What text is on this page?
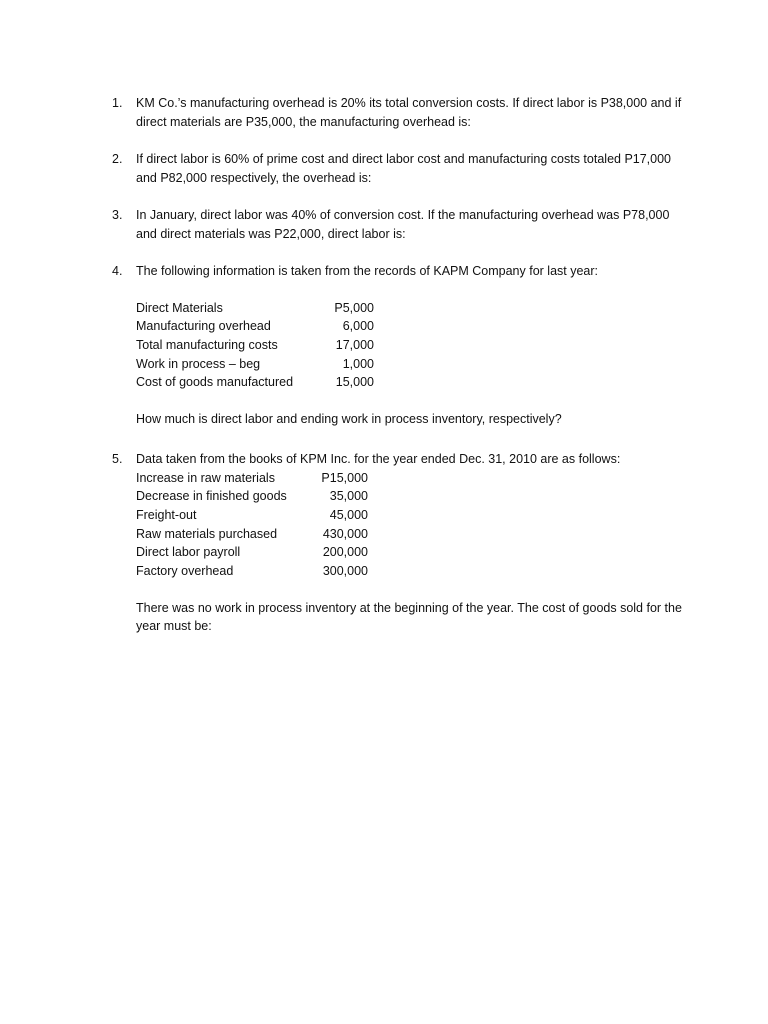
1.	KM Co.’s manufacturing overhead is 20% its total conversion costs. If direct labor is P38,000 and if direct materials are P35,000, the manufacturing overhead is:
2.	If direct labor is 60% of prime cost and direct labor cost and manufacturing costs totaled P17,000 and P82,000 respectively, the overhead is:
3.	In January, direct labor was 40% of conversion cost. If the manufacturing overhead was P78,000 and direct materials was P22,000, direct labor is:
4.	The following information is taken from the records of KAPM Company for last year:
Direct Materials	P5,000
Manufacturing overhead	6,000
Total manufacturing costs	17,000
Work in process – beg	1,000
Cost of goods manufactured	15,000
How much is direct labor and ending work in process inventory, respectively?
5.	Data taken from the books of KPM Inc. for the year ended Dec. 31, 2010 are as follows:
Increase in raw materials	P15,000
Decrease in finished goods	35,000
Freight-out	45,000
Raw materials purchased	430,000
Direct labor payroll	200,000
Factory overhead	300,000
There was no work in process inventory at the beginning of the year. The cost of goods sold for the year must be:
